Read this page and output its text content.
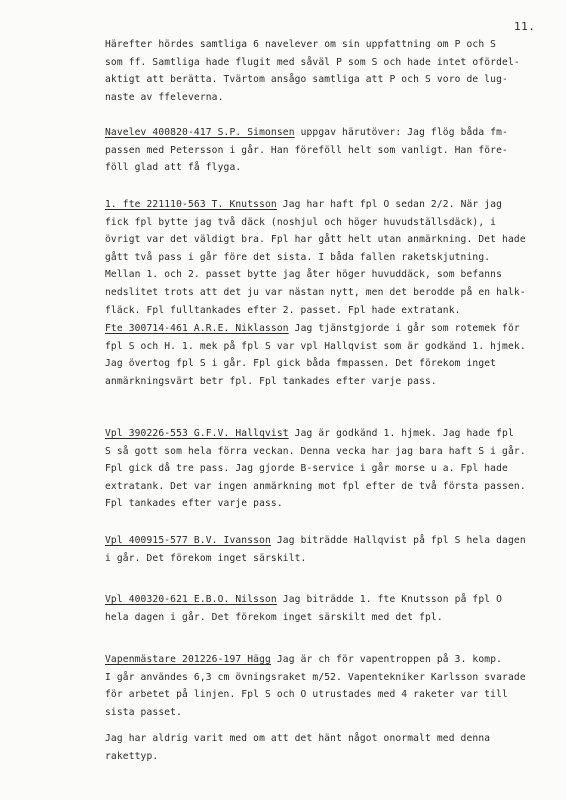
11.
Härefter hördes samtliga 6 navelever om sin uppfattning om P och S
som ff. Samtliga hade flugit med såväl P som S och hade intet ofördel-
aktigt att berätta. Tvärtom ansågo samtliga att P och S voro de lug-
naste av ffeleverna.
Navelev 400820-417 S.P. Simonsen uppgav härutöver: Jag flög båda fm-
passen med Petersson i går. Han föreföll helt som vanligt. Han före-
föll glad att få flyga.
1. fte 221110-563 T. Knutsson Jag har haft fpl O sedan 2/2. När jag
fick fpl bytte jag två däck (noshjul och höger huvudställsdäck), i
övrigt var det väldigt bra. Fpl har gått helt utan anmärkning. Det hade
gått två pass i går före det sista. I båda fallen raketskjutning.
Mellan 1. och 2. passet bytte jag åter höger huvuddäck, som befanns
nedslitet trots att det ju var nästan nytt, men det berodde på en halk-
fläck. Fpl fulltankades efter 2. passet. Fpl hade extratank.
Fte 300714-461 A.R.E. Niklasson Jag tjänstgjorde i går som rotemek för
fpl S och H. 1. mek på fpl S var vpl Hallqvist som är godkänd 1. hjmek.
Jag övertog fpl S i går. Fpl gick båda fmpassen. Det förekom inget
anmärkningsvärt betr fpl. Fpl tankades efter varje pass.
Vpl 390226-553 G.F.V. Hallqvist Jag är godkänd 1. hjmek. Jag hade fpl
S så gott som hela förra veckan. Denna vecka har jag bara haft S i går.
Fpl gick då tre pass. Jag gjorde B-service i går morse u a. Fpl hade
extratank. Det var ingen anmärkning mot fpl efter de två första passen.
Fpl tankades efter varje pass.
Vpl 400915-577 B.V. Ivansson Jag biträdde Hallqvist på fpl S hela dagen
i går. Det förekom inget särskilt.
Vpl 400320-621 E.B.O. Nilsson Jag biträdde 1. fte Knutsson på fpl O
hela dagen i går. Det förekom inget särskilt med det fpl.
Vapenmästare 201226-197 Hägg Jag är ch för vapentroppen på 3. komp.
I går användes 6,3 cm övningsraket m/52. Vapentekniker Karlsson svarade
för arbetet på linjen. Fpl S och O utrustades med 4 raketer var till
sista passet.
Jag har aldrig varit med om att det hänt något onormalt med denna
rakettyp.
